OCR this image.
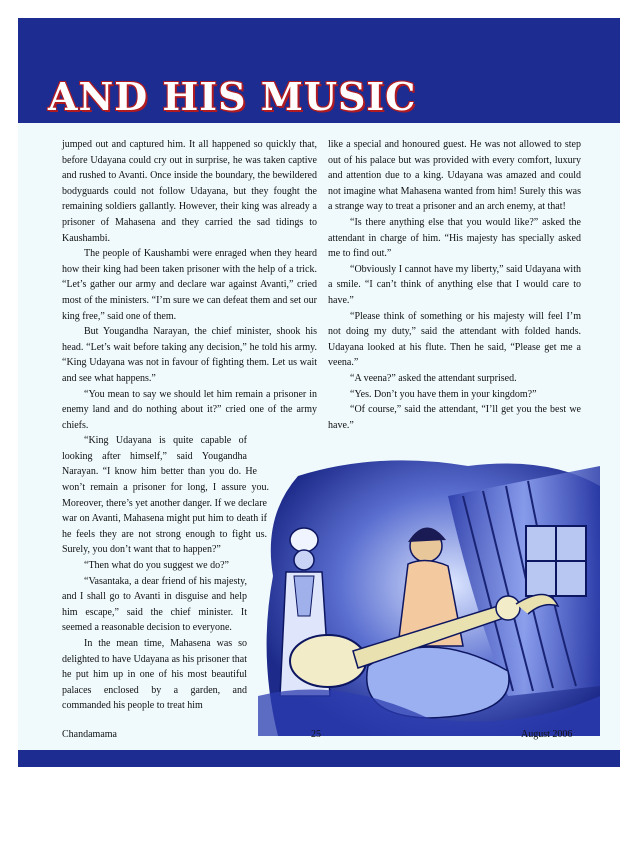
AND HIS MUSIC

jumped out and captured him. It all happened so quickly that, before Udayana could cry out in surprise, he was taken captive and rushed to Avanti. Once inside the boundary, the bewildered bodyguards could not follow Udayana, but they fought the remaining soldiers gallantly. However, their king was already a prisoner of Mahasena and they carried the sad tidings to Kaushambi.

The people of Kaushambi were enraged when they heard how their king had been taken prisoner with the help of a trick. “Let’s gather our army and declare war against Avanti,” cried most of the ministers. “I’m sure we can defeat them and set our king free,” said one of them.

But Yougandha Narayan, the chief minister, shook his head. “Let’s wait before taking any decision,” he told his army. “King Udayana was not in favour of fighting them. Let us wait and see what happens.”

“You mean to say we should let him remain a prisoner in enemy land and do nothing about it?” cried one of the army chiefs.

“King Udayana is quite capable of looking after himself,” said Yougandha Narayan. “I know him better than you do. He won’t remain a prisoner for long, I assure you. Moreover, there’s yet another danger. If we declare war on Avanti, Mahasena might put him to death if he feels they are not strong enough to fight us. Surely, you don’t want that to happen?”

“Then what do you suggest we do?”

“Vasantaka, a dear friend of his majesty, and I shall go to Avanti in disguise and help him escape,” said the chief minister. It seemed a reasonable decision to everyone.

In the mean time, Mahasena was so delighted to have Udayana as his prisoner that he put him up in one of his most beautiful palaces enclosed by a garden, and commanded his people to treat him

like a special and honoured guest. He was not allowed to step out of his palace but was provided with every comfort, luxury and attention due to a king. Udayana was amazed and could not imagine what Mahasena wanted from him! Surely this was a strange way to treat a prisoner and an arch enemy, at that!

“Is there anything else that you would like?” asked the attendant in charge of him. “His majesty has specially asked me to find out.”

“Obviously I cannot have my liberty,” said Udayana with a smile. “I can’t think of anything else that I would care to have.”

“Please think of something or his majesty will feel I’m not doing my duty,” said the attendant with folded hands. Udayana looked at his flute. Then he said, “Please get me a veena.”

“A veena?” asked the attendant surprised.

“Yes. Don’t you have them in your kingdom?”

“Of course,” said the attendant, “I’ll get you the best we have.”

Chandamama	25	August 2006
